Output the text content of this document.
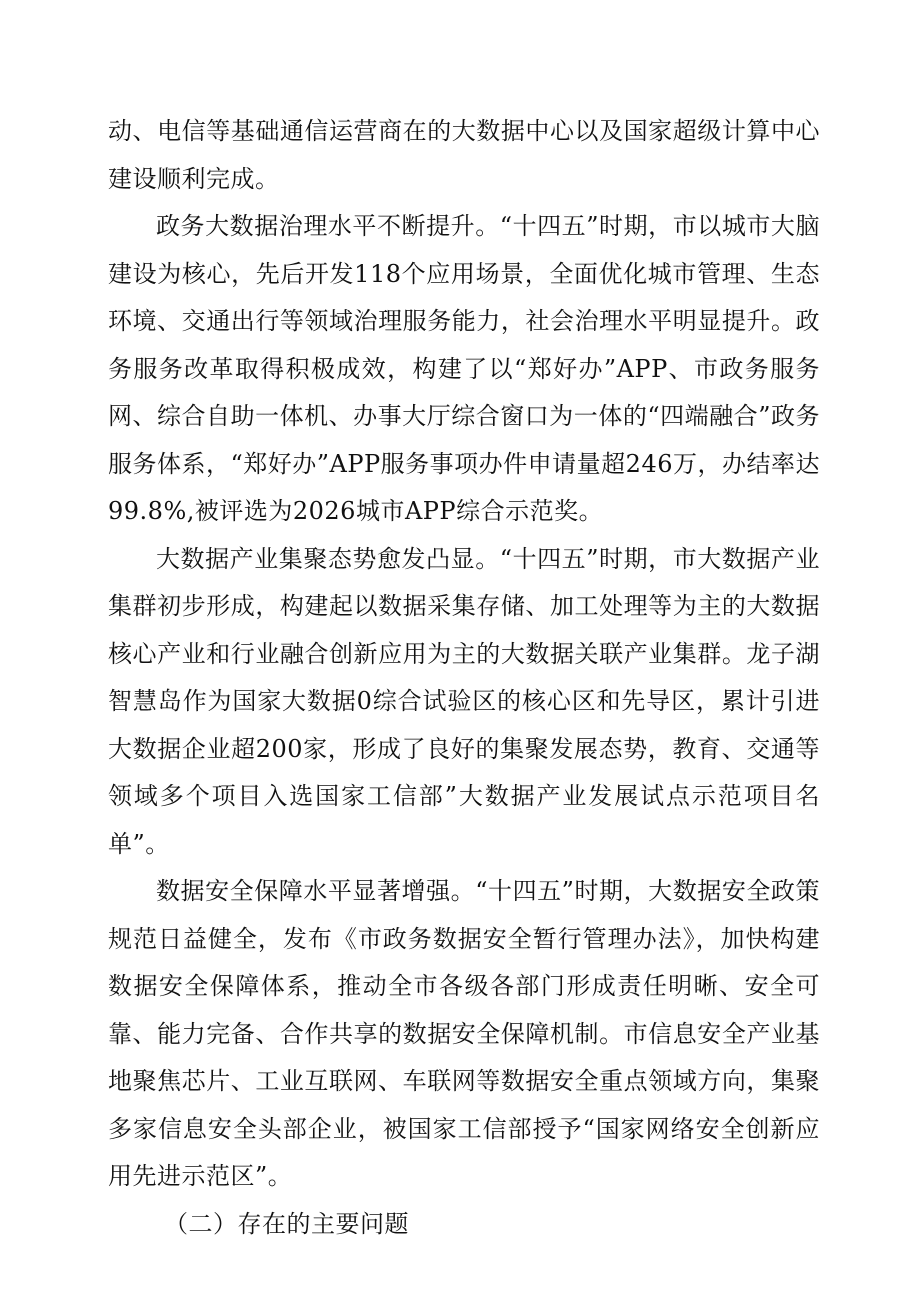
动、电信等基础通信运营商在的大数据中心以及国家超级计算中心建设顺利完成。

政务大数据治理水平不断提升。“十四五”时期，市以城市大脑建设为核心，先后开发118个应用场景，全面优化城市管理、生态环境、交通出行等领域治理服务能力，社会治理水平明显提升。政务服务改革取得积极成效，构建了以“郑好办”APP、市政务服务网、综合自助一体机、办事大厅综合窗口为一体的“四端融合”政务服务体系，“郑好办”APP服务事项办件申请量超246万，办结率达99.8%,被评选为2026城市APP综合示范奖。

大数据产业集聚态势愈发凸显。“十四五”时期，市大数据产业集群初步形成，构建起以数据采集存储、加工处理等为主的大数据核心产业和行业融合创新应用为主的大数据关联产业集群。龙子湖智慧岛作为国家大数据0综合试验区的核心区和先导区，累计引进大数据企业超200家，形成了良好的集聚发展态势，教育、交通等领域多个项目入选国家工信部”大数据产业发展试点示范项目名单”。

数据安全保障水平显著增强。“十四五”时期，大数据安全政策规范日益健全，发布《市政务数据安全暂行管理办法》，加快构建数据安全保障体系，推动全市各级各部门形成责任明晰、安全可靠、能力完备、合作共享的数据安全保障机制。市信息安全产业基地聚焦芯片、工业互联网、车联网等数据安全重点领域方向，集聚多家信息安全头部企业，被国家工信部授予“国家网络安全创新应用先进示范区”。

（二）存在的主要问题
